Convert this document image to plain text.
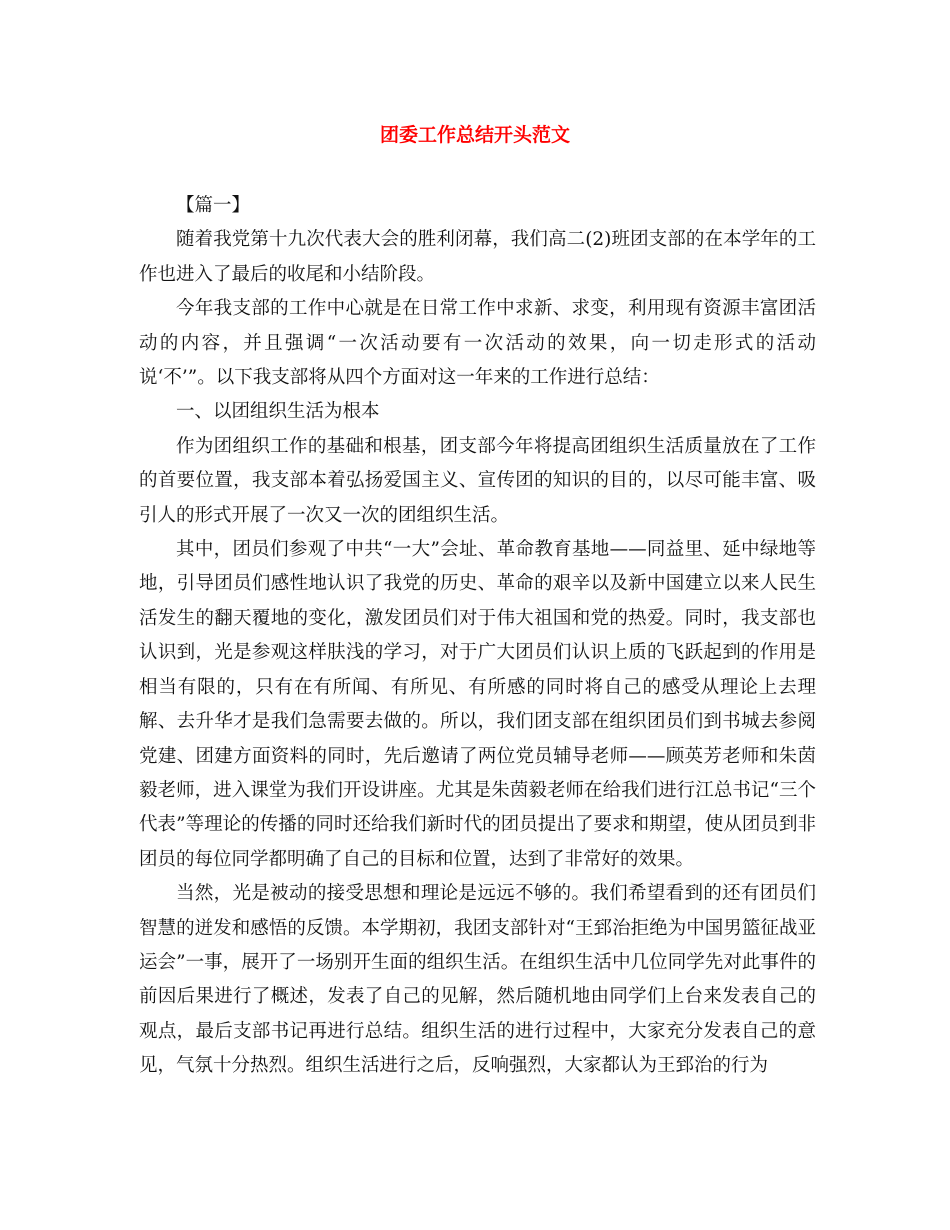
团委工作总结开头范文

【篇一】

随着我党第十九次代表大会的胜利闭幕，我们高二(2)班团支部的在本学年的工作也进入了最后的收尾和小结阶段。

今年我支部的工作中心就是在日常工作中求新、求变，利用现有资源丰富团活动的内容，并且强调“一次活动要有一次活动的效果，向一切走形式的活动说‘不’”。以下我支部将从四个方面对这一年来的工作进行总结：

一、以团组织生活为根本

作为团组织工作的基础和根基，团支部今年将提高团组织生活质量放在了工作的首要位置，我支部本着弘扬爱国主义、宣传团的知识的目的，以尽可能丰富、吸引人的形式开展了一次又一次的团组织生活。

其中，团员们参观了中共“一大”会址、革命教育基地——同益里、延中绿地等地，引导团员们感性地认识了我党的历史、革命的艰辛以及新中国建立以来人民生活发生的翻天覆地的变化，激发团员们对于伟大祖国和党的热爱。同时，我支部也认识到，光是参观这样肤浅的学习，对于广大团员们认识上质的飞跃起到的作用是相当有限的，只有在有所闻、有所见、有所感的同时将自己的感受从理论上去理解、去升华才是我们急需要去做的。所以，我们团支部在组织团员们到书城去参阅党建、团建方面资料的同时，先后邀请了两位党员辅导老师——顾英芳老师和朱茵毅老师，进入课堂为我们开设讲座。尤其是朱茵毅老师在给我们进行江总书记“三个代表”等理论的传播的同时还给我们新时代的团员提出了要求和期望，使从团员到非团员的每位同学都明确了自己的目标和位置，达到了非常好的效果。

当然，光是被动的接受思想和理论是远远不够的。我们希望看到的还有团员们智慧的迸发和感悟的反馈。本学期初，我团支部针对“王郅治拒绝为中国男篮征战亚运会”一事，展开了一场别开生面的组织生活。在组织生活中几位同学先对此事件的前因后果进行了概述，发表了自己的见解，然后随机地由同学们上台来发表自己的观点，最后支部书记再进行总结。组织生活的进行过程中，大家充分发表自己的意见，气氛十分热烈。组织生活进行之后，反响强烈，大家都认为王郅治的行为
